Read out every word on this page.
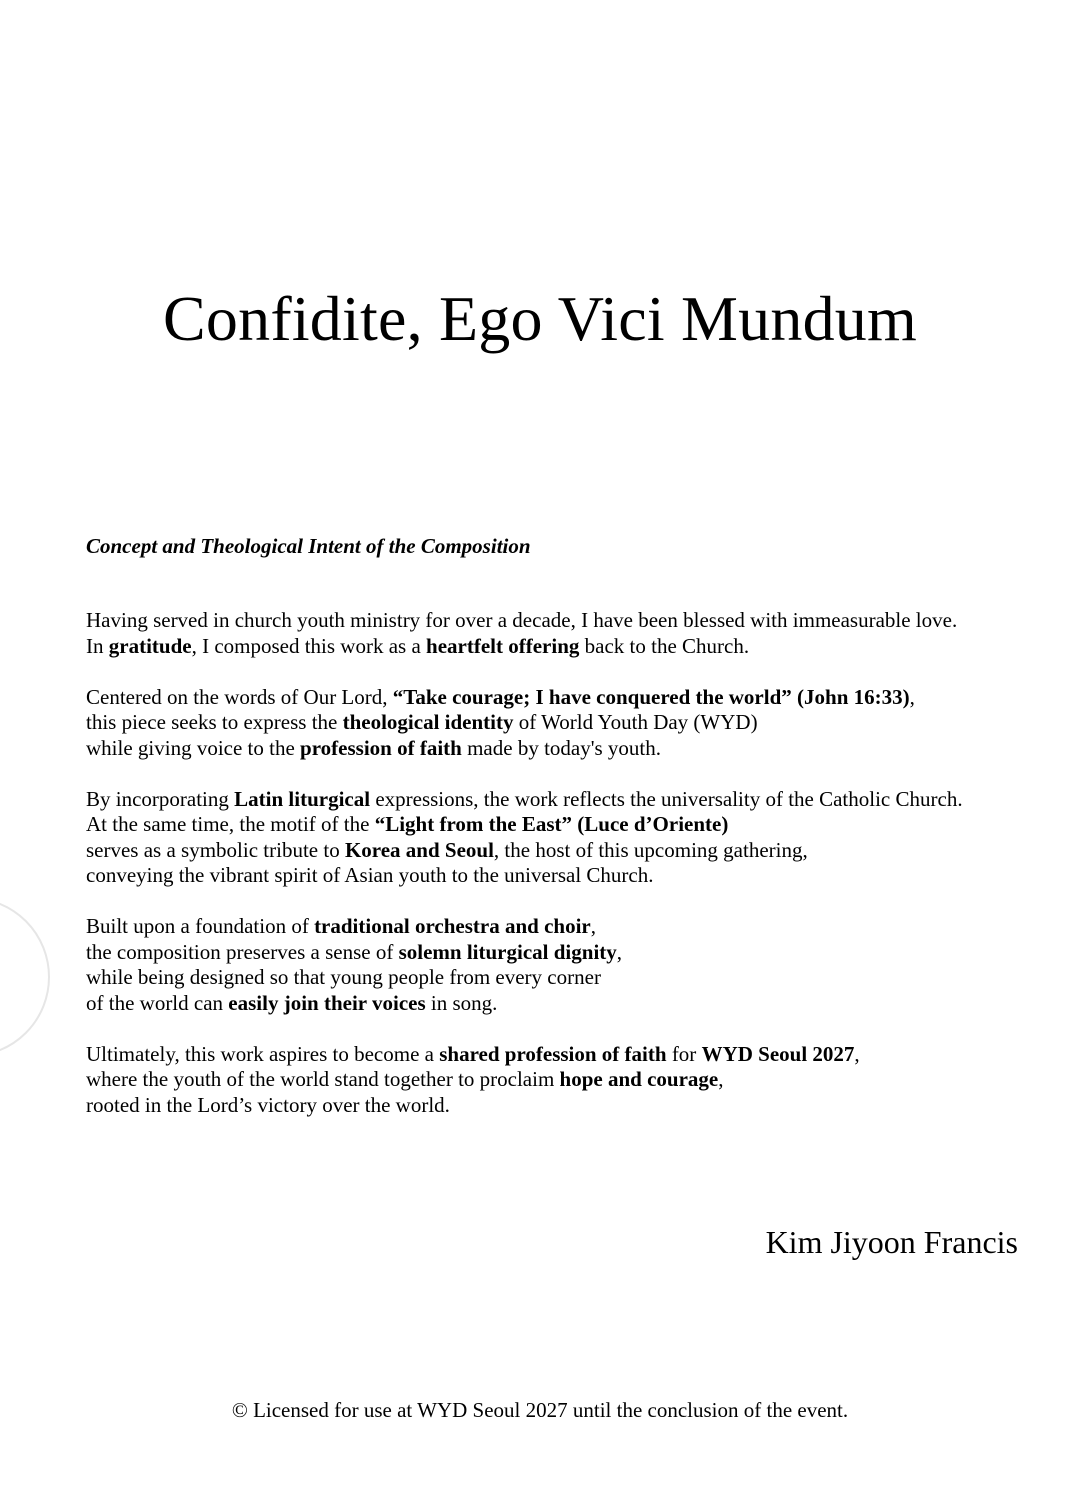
Confidite, Ego Vici Mundum

Concept and Theological Intent of the Composition

Having served in church youth ministry for over a decade, I have been blessed with immeasurable love.
In gratitude, I composed this work as a heartfelt offering back to the Church.

Centered on the words of Our Lord, “Take courage; I have conquered the world” (John 16:33),
this piece seeks to express the theological identity of World Youth Day (WYD)
while giving voice to the profession of faith made by today's youth.

By incorporating Latin liturgical expressions, the work reflects the universality of the Catholic Church.
At the same time, the motif of the “Light from the East” (Luce d’Oriente)
serves as a symbolic tribute to Korea and Seoul, the host of this upcoming gathering,
conveying the vibrant spirit of Asian youth to the universal Church.

Built upon a foundation of traditional orchestra and choir,
the composition preserves a sense of solemn liturgical dignity,
while being designed so that young people from every corner
of the world can easily join their voices in song.

Ultimately, this work aspires to become a shared profession of faith for WYD Seoul 2027,
where the youth of the world stand together to proclaim hope and courage,
rooted in the Lord’s victory over the world.

Kim Jiyoon Francis

© Licensed for use at WYD Seoul 2027 until the conclusion of the event.
